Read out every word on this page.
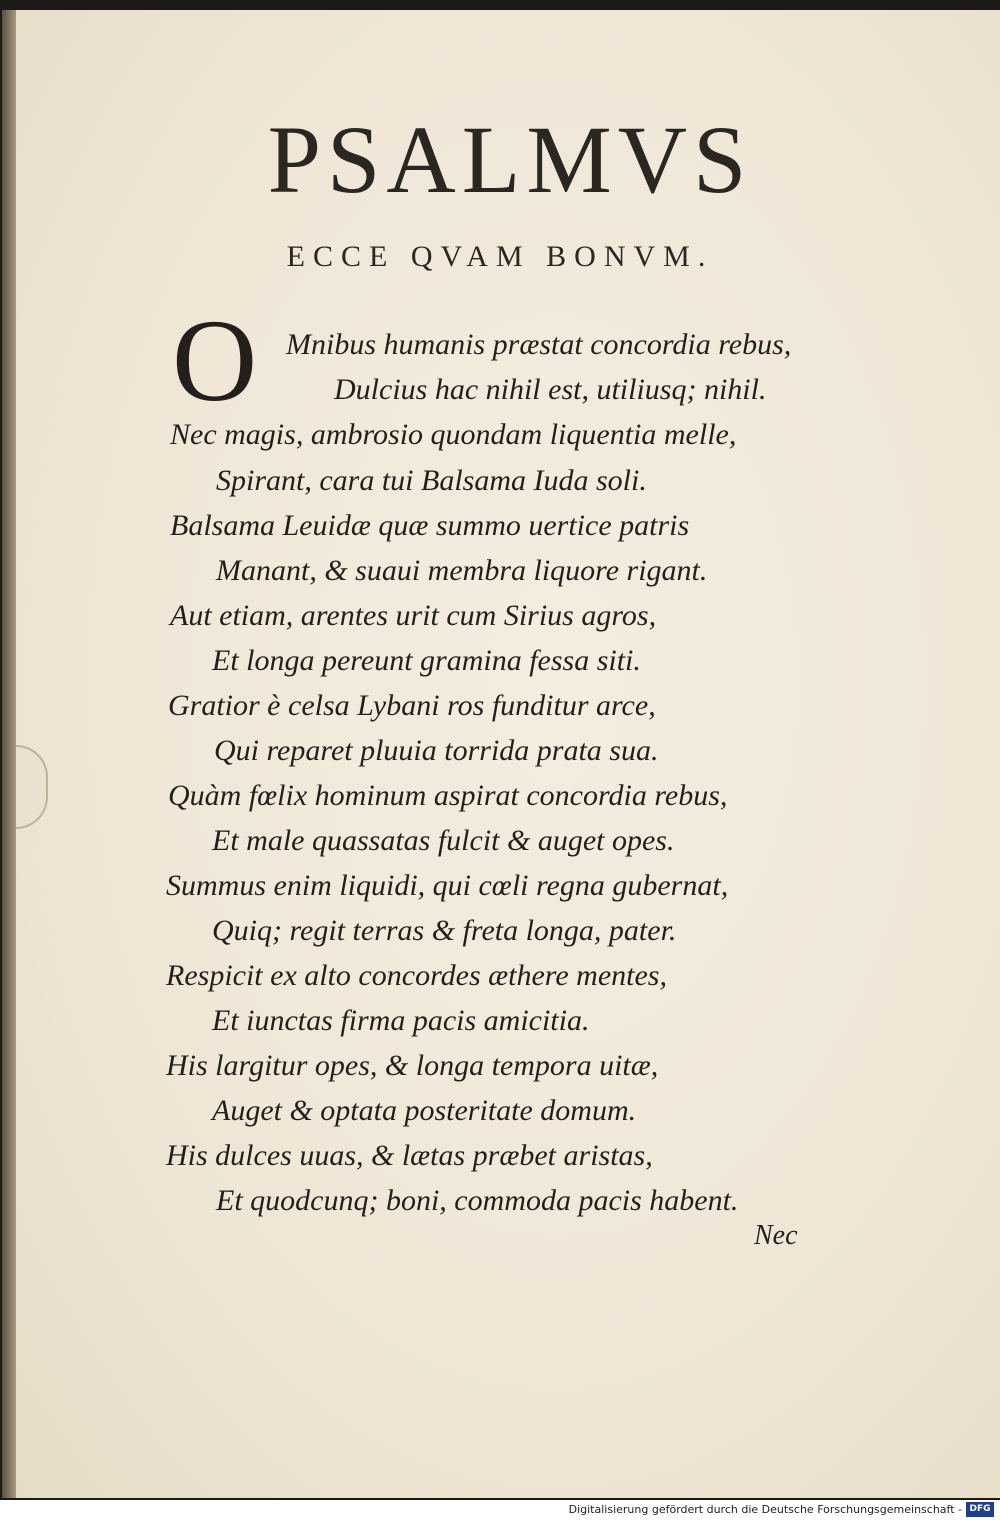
PSALMVS
ECCE QVAM BONVM.
O Mnibus humanis præstat concordia rebus,
Dulcius hac nihil est, utiliusq; nihil.
Nec magis, ambrosio quondam liquentia melle,
Spirant, cara tui Balsama Iuda soli.
Balsama Leuidæ quæ summo uertice patris
Manant, & suaui membra liquore rigant.
Aut etiam, arentes urit cum Sirius agros,
Et longa pereunt gramina fessa siti.
Gratior è celsa Lybani ros funditur arce,
Qui reparet pluuia torrida prata sua.
Quàm fœlix hominum aspirat concordia rebus,
Et male quassatas fulcit & auget opes.
Summus enim liquidi, qui cœli regna gubernat,
Quiq; regit terras & freta longa, pater.
Respicit ex alto concordes æthere mentes,
Et iunctas firma pacis amicitia.
His largitur opes, & longa tempora uitæ,
Auget & optata posteritate domum.
His dulces uuas, & lætas præbet aristas,
Et quodcunq; boni, commoda pacis habent.
Nec
Digitalisierung gefördert durch die Deutsche Forschungsgemeinschaft - DFG
